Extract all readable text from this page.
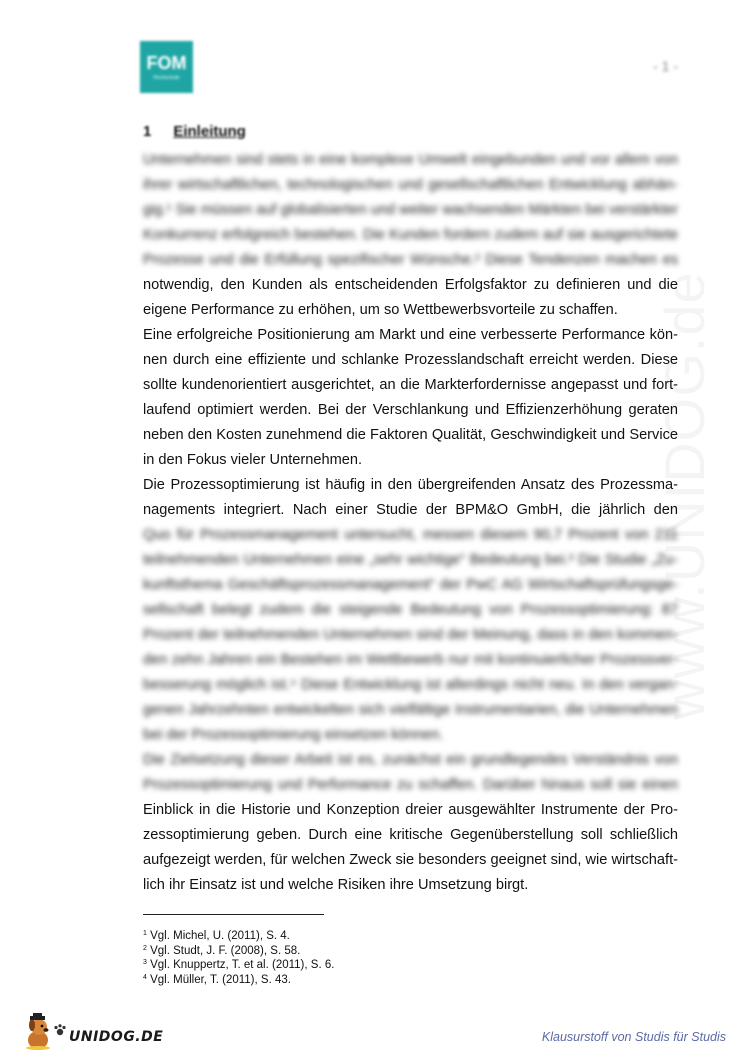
FOM
Hochschule
- 1 -
1 Einleitung
Unternehmen sind stets in eine komplexe Umwelt eingebunden und vor allem von
ihrer wirtschaftlichen, technologischen und gesellschaftlichen Entwicklung abhän-
gig.¹ Sie müssen auf globalisierten und weiter wachsenden Märkten bei verstärkter
Konkurrenz erfolgreich bestehen. Die Kunden fordern zudem auf sie ausgerichtete
Prozesse und die Erfüllung spezifischer Wünsche.² Diese Tendenzen machen es
notwendig, den Kunden als entscheidenden Erfolgsfaktor zu definieren und die
eigene Performance zu erhöhen, um so Wettbewerbsvorteile zu schaffen.
Eine erfolgreiche Positionierung am Markt und eine verbesserte Performance kön-
nen durch eine effiziente und schlanke Prozesslandschaft erreicht werden. Diese
sollte kundenorientiert ausgerichtet, an die Markterfordernisse angepasst und fort-
laufend optimiert werden. Bei der Verschlankung und Effizienzerhöhung geraten
neben den Kosten zunehmend die Faktoren Qualität, Geschwindigkeit und Service
in den Fokus vieler Unternehmen.
Die Prozessoptimierung ist häufig in den übergreifenden Ansatz des Prozessma-
nagements integriert. Nach einer Studie der BPM&O GmbH, die jährlich den
Quo für Prozessmanagement untersucht, messen diesem 90,7 Prozent von 211
teilnehmenden Unternehmen eine „sehr wichtige“ Bedeutung bei.³ Die Studie „Zu-
kunftsthema Geschäftsprozessmanagement“ der PwC AG Wirtschaftsprüfungsge-
sellschaft belegt zudem die steigende Bedeutung von Prozessoptimierung: 87
Prozent der teilnehmenden Unternehmen sind der Meinung, dass in den kommen-
den zehn Jahren ein Bestehen im Wettbewerb nur mit kontinuierlicher Prozessver-
besserung möglich ist.⁴ Diese Entwicklung ist allerdings nicht neu. In den vergan-
genen Jahrzehnten entwickelten sich vielfältige Instrumentarien, die Unternehmen
bei der Prozessoptimierung einsetzen können.
Die Zielsetzung dieser Arbeit ist es, zunächst ein grundlegendes Verständnis von
Prozessoptimierung und Performance zu schaffen. Darüber hinaus soll sie einen
Einblick in die Historie und Konzeption dreier ausgewählter Instrumente der Pro-
zessoptimierung geben. Durch eine kritische Gegenüberstellung soll schließlich
aufgezeigt werden, für welchen Zweck sie besonders geeignet sind, wie wirtschaft-
lich ihr Einsatz ist und welche Risiken ihre Umsetzung birgt.
$^1$ Vgl. Michel, U. (2011), S. 4.
$^2$ Vgl. Studt, J. F. (2008), S. 58.
$^3$ Vgl. Knuppertz, T. et al. (2011), S. 6.
$^4$ Vgl. Müller, T. (2011), S. 43.
UNIDOG.DE	Klausurstoff von Studis für Studis
